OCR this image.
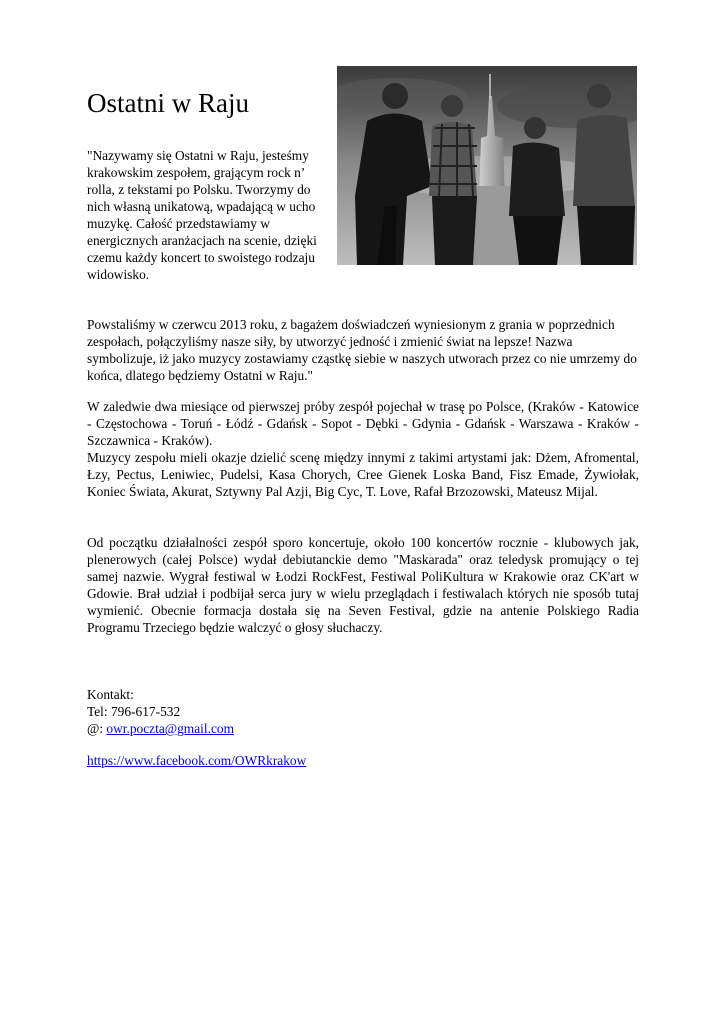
Ostatni w Raju
"Nazywamy się Ostatni w Raju, jesteśmy krakowskim zespołem, grającym rock n’ rolla, z tekstami po Polsku. Tworzymy do nich własną unikatową, wpadającą w ucho muzykę. Całość przedstawiamy w energicznych aranżacjach na scenie, dzięki czemu każdy koncert to swoistego rodzaju widowisko.
Powstaliśmy w czerwcu 2013 roku, z bagażem doświadczeń wyniesionym z grania w poprzednich zespołach, połączyliśmy nasze siły, by utworzyć jedność i zmienić świat na lepsze! Nazwa symbolizuje, iż jako muzycy zostawiamy cząstkę siebie w naszych utworach przez co nie umrzemy do końca, dlatego będziemy Ostatni w Raju."
W zaledwie dwa miesiące od pierwszej próby zespół pojechał w trasę po Polsce, (Kraków - Katowice - Częstochowa - Toruń - Łódź - Gdańsk - Sopot - Dębki - Gdynia - Gdańsk - Warszawa - Kraków - Szczawnica - Kraków).
Muzycy zespołu mieli okazje dzielić scenę między innymi z takimi artystami jak: Dżem, Afromental, Łzy, Pectus, Leniwiec, Pudelsi, Kasa Chorych, Cree Gienek Loska Band, Fisz Emade, Żywiołak, Koniec Świata, Akurat, Sztywny Pal Azji, Big Cyc, T. Love, Rafał Brzozowski, Mateusz Mijal.
Od początku działalności zespół sporo koncertuje, około 100 koncertów rocznie - klubowych jak, plenerowych (całej Polsce) wydał debiutanckie demo "Maskarada" oraz teledysk promujący o tej samej nazwie. Wygrał festiwal w Łodzi RockFest, Festiwal PoliKultura w Krakowie oraz CK'art w Gdowie. Brał udział i podbijał serca jury w wielu przeglądach i festiwalach których nie sposób tutaj wymienić. Obecnie formacja dostała się na Seven Festival, gdzie na antenie Polskiego Radia Programu Trzeciego będzie walczyć o głosy słuchaczy.
Kontakt:
Tel: 796-617-532
@: owr.poczta@gmail.com
https://www.facebook.com/OWRkrakow
